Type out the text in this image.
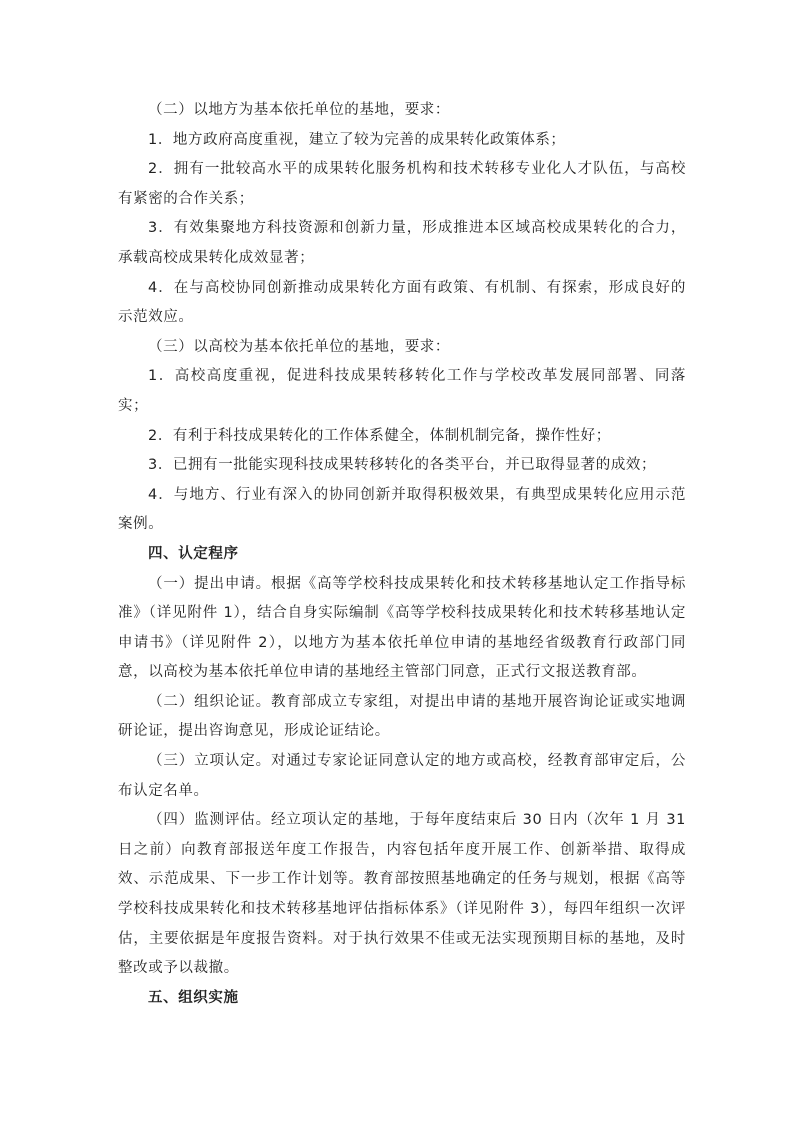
（二）以地方为基本依托单位的基地，要求：

1．地方政府高度重视，建立了较为完善的成果转化政策体系；

2．拥有一批较高水平的成果转化服务机构和技术转移专业化人才队伍，与高校有紧密的合作关系；

3．有效集聚地方科技资源和创新力量，形成推进本区域高校成果转化的合力，承载高校成果转化成效显著；

4．在与高校协同创新推动成果转化方面有政策、有机制、有探索，形成良好的示范效应。

（三）以高校为基本依托单位的基地，要求：

1．高校高度重视，促进科技成果转移转化工作与学校改革发展同部署、同落实；

2．有利于科技成果转化的工作体系健全，体制机制完备，操作性好；

3．已拥有一批能实现科技成果转移转化的各类平台，并已取得显著的成效；

4．与地方、行业有深入的协同创新并取得积极效果，有典型成果转化应用示范案例。

四、认定程序

（一）提出申请。根据《高等学校科技成果转化和技术转移基地认定工作指导标准》（详见附件 1），结合自身实际编制《高等学校科技成果转化和技术转移基地认定申请书》（详见附件 2），以地方为基本依托单位申请的基地经省级教育行政部门同意，以高校为基本依托单位申请的基地经主管部门同意，正式行文报送教育部。

（二）组织论证。教育部成立专家组，对提出申请的基地开展咨询论证或实地调研论证，提出咨询意见，形成论证结论。

（三）立项认定。对通过专家论证同意认定的地方或高校，经教育部审定后，公布认定名单。

（四）监测评估。经立项认定的基地，于每年度结束后 30 日内（次年 1 月 31 日之前）向教育部报送年度工作报告，内容包括年度开展工作、创新举措、取得成效、示范成果、下一步工作计划等。教育部按照基地确定的任务与规划，根据《高等学校科技成果转化和技术转移基地评估指标体系》（详见附件 3），每四年组织一次评估，主要依据是年度报告资料。对于执行效果不佳或无法实现预期目标的基地，及时整改或予以裁撤。

五、组织实施
